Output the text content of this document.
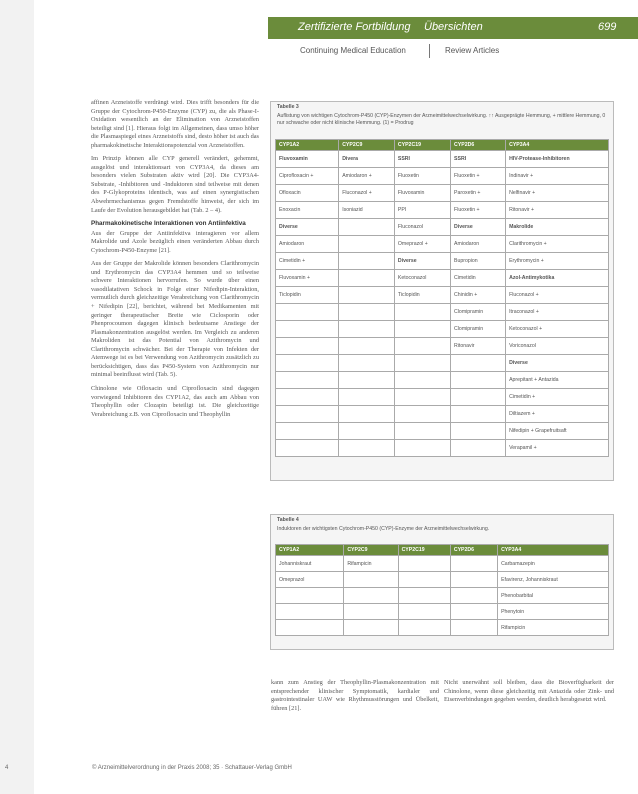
Zertifizierte Fortbildung Übersichten	699
Continuing Medical Education	Review Articles

affinen Arzneistoffe verdrängt wird. Dies trifft besonders für die Gruppe der Cytochrom-P450-Enzyme (CYP) zu, die als Phase-I-Oxidation wesentlich an der Elimination von Arzneistoffen beteiligt sind [1]. Hieraus folgt im Allgemeinen, dass umso höher die Plasmaspiegel eines Arzneistoffs sind, desto höher ist auch das pharmakokinetische Interaktionspotenzial von Arzneistoffen.

Im Prinzip können alle CYP generell verändert, gehemmt, ausgelöst und interaktionsart von CYP3A4, da dieses am besonders vielen Substraten aktiv wird [20]. Die CYP3A4-Substrate, -Inhibitoren und -Induktoren sind teilweise mit denen des P-Glykoproteins identisch, was auf einen synergistischen Abwehrmechanismus gegen Fremdstoffe hinweist, der sich im Laufe der Evolution herausgebildet hat (Tab. 2 – 4).

Pharmakokinetische Interaktionen von Antiinfektiva

Aus der Gruppe der Antiinfektiva interagieren vor allem Makrolide und Azole bezüglich einen veränderten Abbau durch Cytochrom-P450-Enzyme [21].

Aus der Gruppe der Makrolide können besonders Clarithromycin und Erythromycin das CYP3A4 hemmen und so teilweise schwere Interaktionen hervorrufen. So wurde über einen vasodilatativen Schock in Folge einer Nifedipin-Interaktion, vermutlich durch gleichzeitige Verabreichung von Clarithromycin + Nifedipin [22], berichtet, während bei Medikamenten mit geringer therapeutischer Breite wie Ciclosporin oder Phenprocoumon dagegen klinisch bedeutsame Anstiege der Plasmakonzentration ausgelöst werden. Im Vergleich zu anderen Makroliden ist das Potential von Azithromycin und Clarithromycin schwächer. Bei der Therapie von Infekten der Atemwege ist es bei Verwendung von Azithromycin zusätzlich zu berücksichtigen, dass das P450-System von Azithromycin nur minimal beeinflusst wird (Tab. 5).

Chinolone wie Ofloxacin und Ciprofloxacin sind dagegen vorwiegend Inhibitoren des CYP1A2, das auch am Abbau von Theophyllin oder Clozapin beteiligt ist. Die gleichzeitige Verabreichung z.B. von Ciprofloxacin und Theophyllin

kann zum Anstieg der Theophyllin-Plasmakonzentration mit entsprechender klinischer Symptomatik, kardialer und gastrointestinaler UAW wie Rhythmusstörungen und Übelkeit, führen [21].

Nicht unerwähnt soll bleiben, dass die Bioverfügbarkeit der Chinolone, wenn diese gleichzeitig mit Antazida oder Zink- und Eisenverbindungen gegeben werden, deutlich herabgesetzt wird.

Tabelle 3
Auflistung von wichtigen Cytochrom-P450 (CYP)-Enzymen der Arzneimittelwechselwirkung. ↑↑ Ausgeprägte Hemmung, + mittlere Hemmung, 0 nur schwache oder nicht klinische Hemmung. (1) = Prodrug
CYP1A2	CYP2C9	CYP2C19	CYP2D6	CYP3A4
Fluvoxamin	Divera	SSRI	SSRI	HIV-Protease-Inhibitoren
Ciprofloxacin +	Amiodaron +	Fluoxetin	Fluoxetin +	Indinavir +
Ofloxacin	Fluconazol +	Fluvoxamin	Paroxetin +	Nelfinavir +
Enoxacin	Isoniazid	PPI	Fluoxetin +	Ritonavir +
Diverse		Fluconazol	Diverse	Makrolide
Amiodaron		Omeprazol +	Amiodaron	Clarithromycin +
Cimetidin +		Diverse	Bupropion	Erythromycin +
Fluvoxamin +		Ketoconazol	Cimetidin	Azol-Antimykotika
Ticlopidin		Ticlopidin	Chinidin +	Fluconazol +
			Clomipramin	Itraconazol +
			Clomipramin	Ketoconazol +
			Ritonavir	Voriconazol
				Diverse
				Aprepitant + Antazida
				Cimetidin +
				Diltiazem +
				Nifedipin + Grapefruitsaft
				Verapamil +
Tabelle 4
Induktoren der wichtigsten Cytochrom-P450 (CYP)-Enzyme der Arzneimittelwechselwirkung.
CYP1A2	CYP2C9	CYP2C19	CYP2D6	CYP3A4
Johanniskraut	Rifampicin			Carbamazepin
Omeprazol				Efavirenz, Johanniskraut
				Phenobarbital
				Phenytoin
				Rifampicin
4	© Arzneimittelverordnung in der Praxis 2008; 35 · Schattauer-Verlag GmbH
